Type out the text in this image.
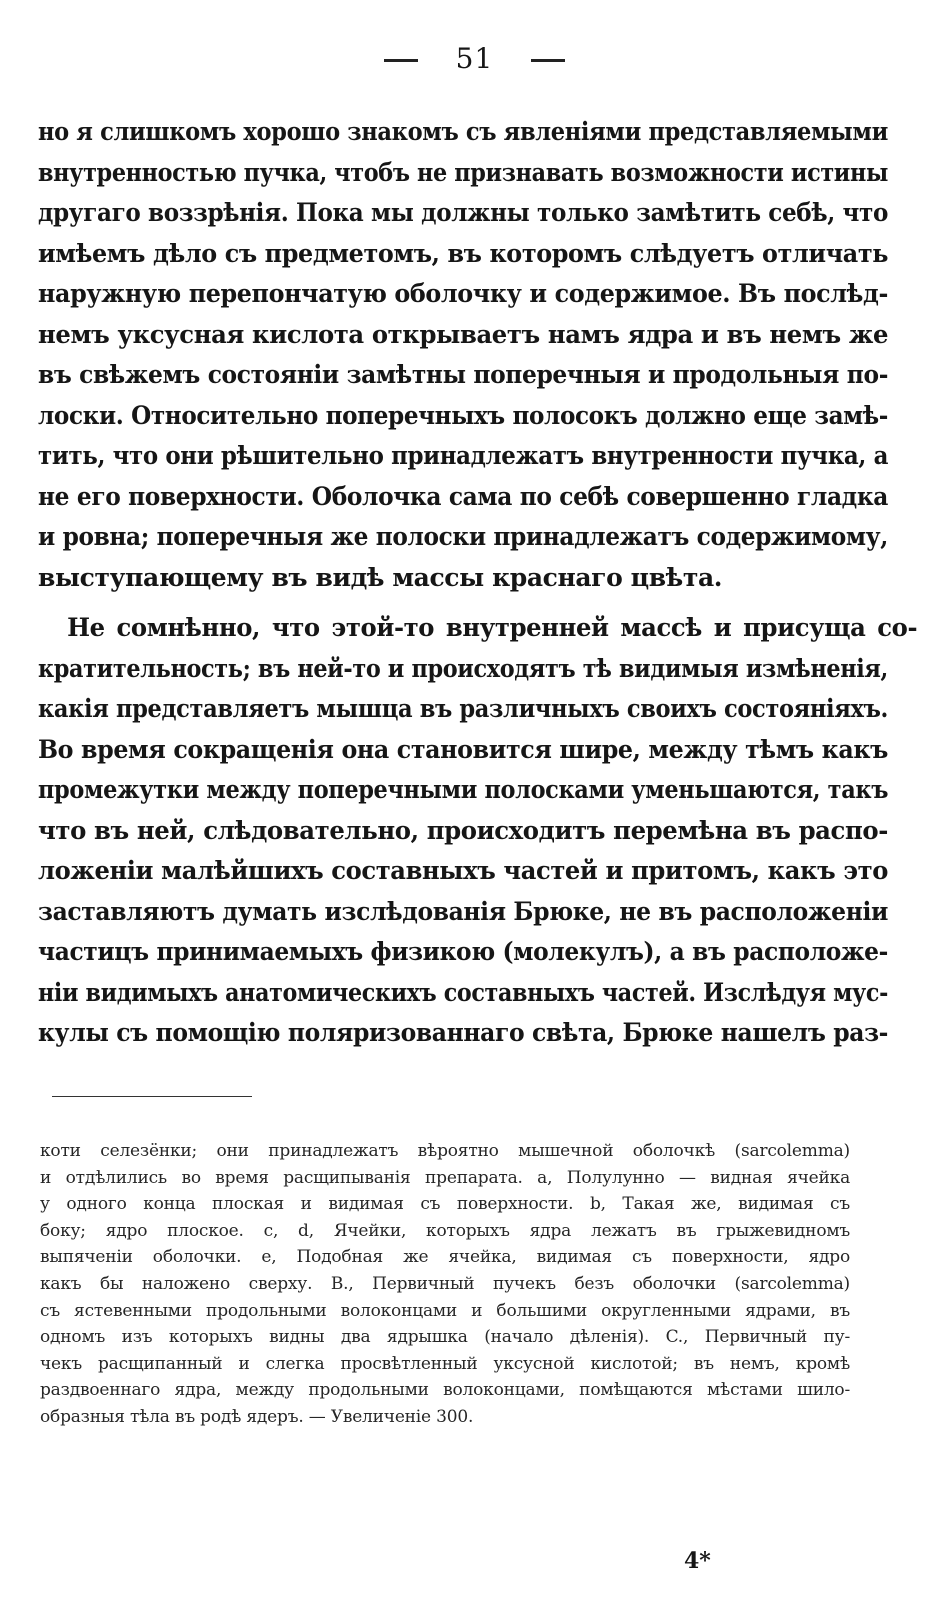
51
но я слишкомъ хорошо знакомъ съ явленіями представляемыми
внутренностью пучка, чтобъ не признавать возможности истины
другаго воззрѣнія. Пока мы должны только замѣтить себѣ, что
имѣемъ дѣло съ предметомъ, въ которомъ слѣдуетъ отличать
наружную перепончатую оболочку и содержимое. Въ послѣд-
немъ уксусная кислота открываетъ намъ ядра и въ немъ же
въ свѣжемъ состояніи замѣтны поперечныя и продольныя по-
лоски. Относительно поперечныхъ полосокъ должно еще замѣ-
тить, что они рѣшительно принадлежатъ внутренности пучка, а
не его поверхности. Оболочка сама по себѣ совершенно гладка
и ровна; поперечныя же полоски принадлежатъ содержимому,
выступающему въ видѣ массы краснаго цвѣта.
Не сомнѣнно, что этой-то внутренней массѣ и присуща со-
кратительность; въ ней-то и происходятъ тѣ видимыя измѣненія,
какія представляетъ мышца въ различныхъ своихъ состояніяхъ.
Во время сокращенія она становится шире, между тѣмъ какъ
промежутки между поперечными полосками уменьшаются, такъ
что въ ней, слѣдовательно, происходитъ перемѣна въ распо-
ложеніи малѣйшихъ составныхъ частей и притомъ, какъ это
заставляютъ думать изслѣдованія Брюке, не въ расположеніи
частицъ принимаемыхъ физикою (молекулъ), а въ расположе-
ніи видимыхъ анатомическихъ составныхъ частей. Изслѣдуя мус-
кулы съ помощію поляризованнаго свѣта, Брюке нашелъ раз-
коти селезёнки; они принадлежатъ вѣроятно мышечной оболочкѣ (sarcolemma)
и отдѣлились во время расщипыванія препарата. a, Полулунно — видная ячейка
у одного конца плоская и видимая съ поверхности. b, Такая же, видимая съ
боку; ядро плоское. c, d, Ячейки, которыхъ ядра лежатъ въ грыжевидномъ
выпяченіи оболочки. e, Подобная же ячейка, видимая съ поверхности, ядро
какъ бы наложено сверху. B., Первичный пучекъ безъ оболочки (sarcolemma)
съ ястевенными продольными волоконцами и большими округленными ядрами, въ
одномъ изъ которыхъ видны два ядрышка (начало дѣленія). C., Первичный пу-
чекъ расщипанный и слегка просвѣтленный уксусной кислотой; въ немъ, кромѣ
раздвоеннаго ядра, между продольными волоконцами, помѣщаются мѣстами шило-
образныя тѣла въ родѣ ядеръ. — Увеличеніе 300.
4*
